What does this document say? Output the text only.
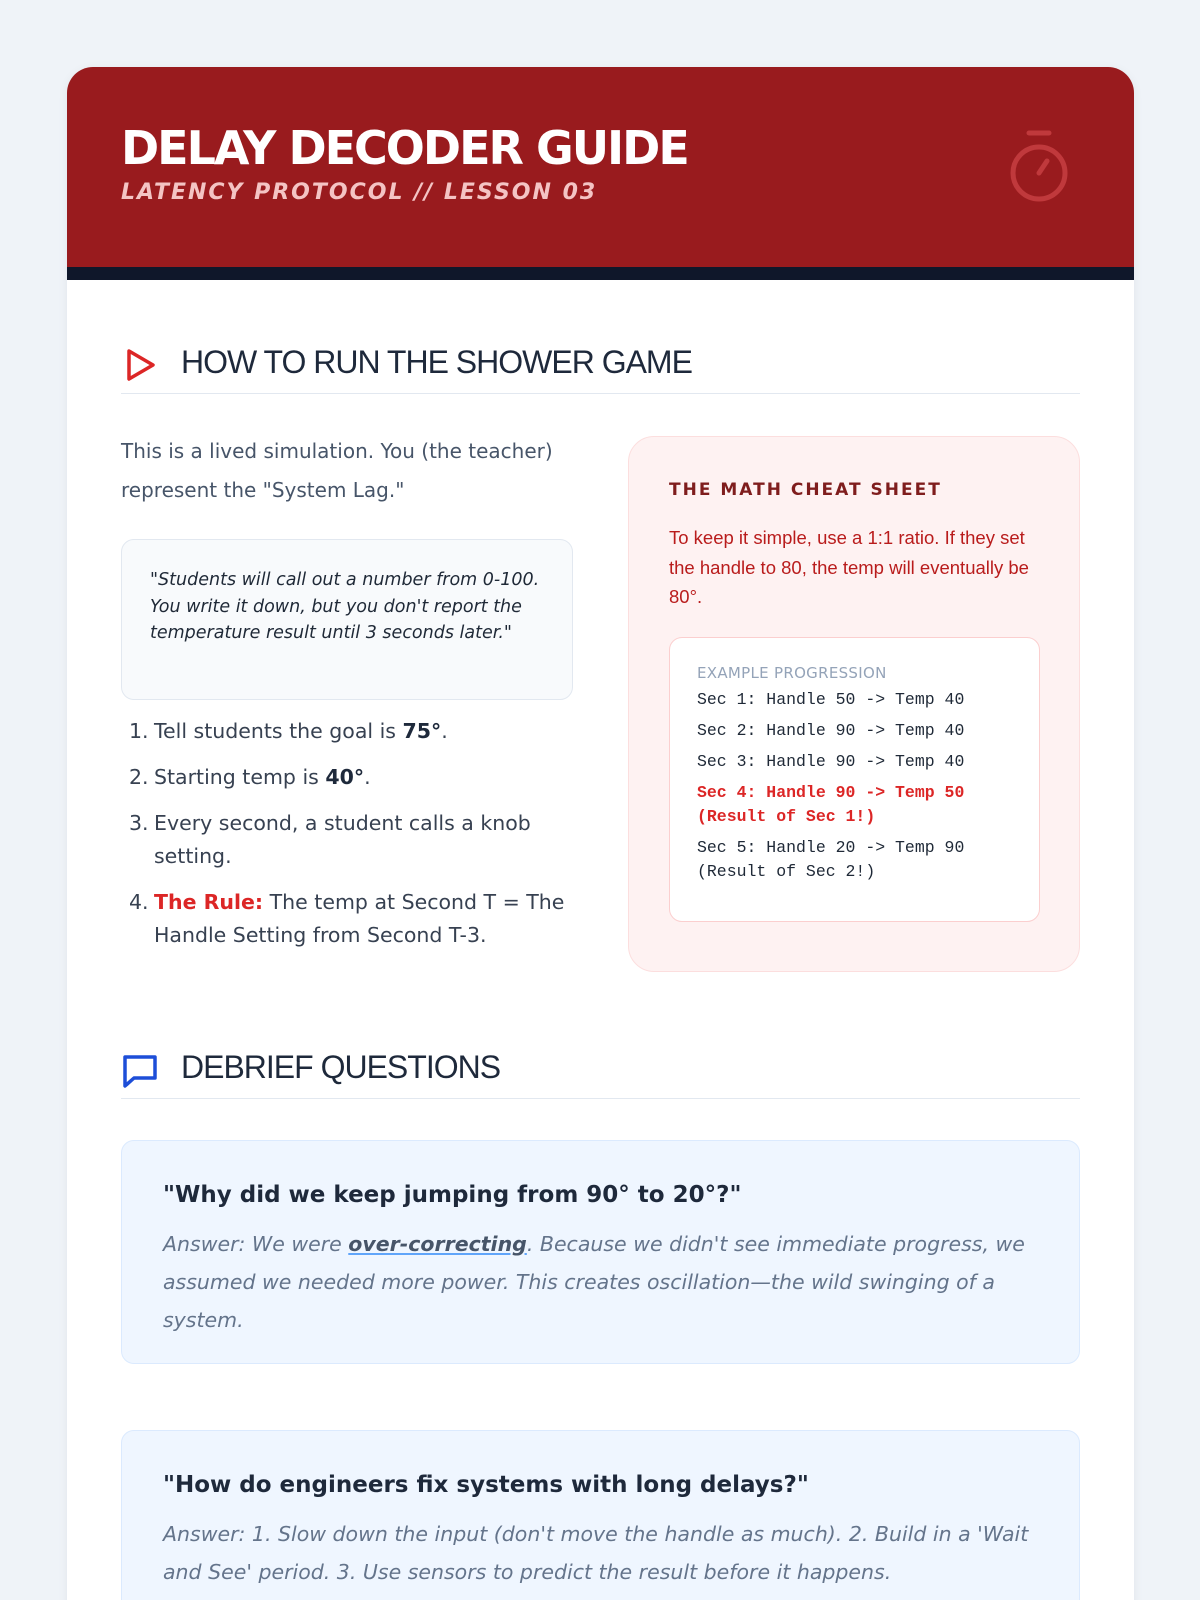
DELAY DECODER GUIDE
LATENCY PROTOCOL // LESSON 03
HOW TO RUN THE SHOWER GAME
This is a lived simulation. You (the teacher) represent the "System Lag."
"Students will call out a number from 0-100. You write it down, but you don't report the temperature result until 3 seconds later."
1. Tell students the goal is 75°.
2. Starting temp is 40°.
3. Every second, a student calls a knob setting.
4. The Rule: The temp at Second T = The Handle Setting from Second T-3.
THE MATH CHEAT SHEET
To keep it simple, use a 1:1 ratio. If they set the handle to 80, the temp will eventually be 80°.
EXAMPLE PROGRESSION
Sec 1: Handle 50 -> Temp 40
Sec 2: Handle 90 -> Temp 40
Sec 3: Handle 90 -> Temp 40
Sec 4: Handle 90 -> Temp 50
(Result of Sec 1!)
Sec 5: Handle 20 -> Temp 90
(Result of Sec 2!)
DEBRIEF QUESTIONS
"Why did we keep jumping from 90° to 20°?"
Answer: We were over-correcting. Because we didn't see immediate progress, we assumed we needed more power. This creates oscillation—the wild swinging of a system.
"How do engineers fix systems with long delays?"
Answer: 1. Slow down the input (don't move the handle as much). 2. Build in a 'Wait and See' period. 3. Use sensors to predict the result before it happens.
